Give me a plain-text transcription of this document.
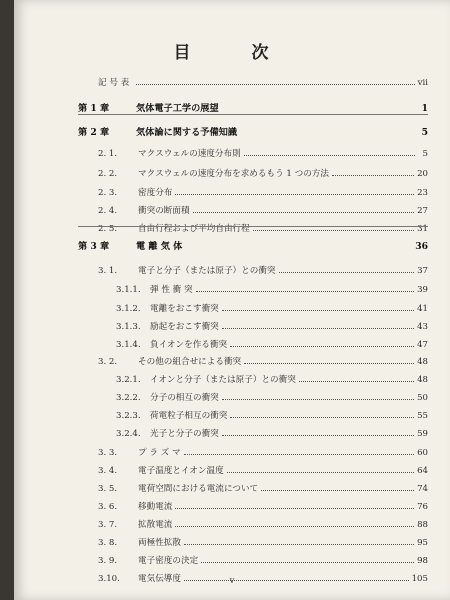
目　次
記 号 表	vii
第 1 章	気体電子工学の展望	1
第 2 章	気体論に関する予備知識	5
2. 1.	マクスウェルの速度分布則	5
2. 2.	マクスウェルの速度分布を求めるもう 1 つの方法	20
2. 3.	密度分布	23
2. 4.	衝突の断面積	27
2. 5.	自由行程および平均自由行程	31
第 3 章	電 離 気 体	36
3. 1.	電子と分子（または原子）との衝突	37
3.1.1.	弾 性 衝 突	39
3.1.2.	電離をおこす衝突	41
3.1.3.	励起をおこす衝突	43
3.1.4.	負イオンを作る衝突	47
3. 2.	その他の組合せによる衝突	48
3.2.1.	イオンと分子（または原子）との衝突	48
3.2.2.	分子の相互の衝突	50
3.2.3.	荷電粒子相互の衝突	55
3.2.4.	光子と分子の衝突	59
3. 3.	プ ラ ズ マ	60
3. 4.	電子温度とイオン温度	64
3. 5.	電荷空間における電流について	74
3. 6.	移動電流	76
3. 7.	拡散電流	88
3. 8.	両極性拡散	95
3. 9.	電子密度の決定	98
3.10.	電気伝導度	105
v
